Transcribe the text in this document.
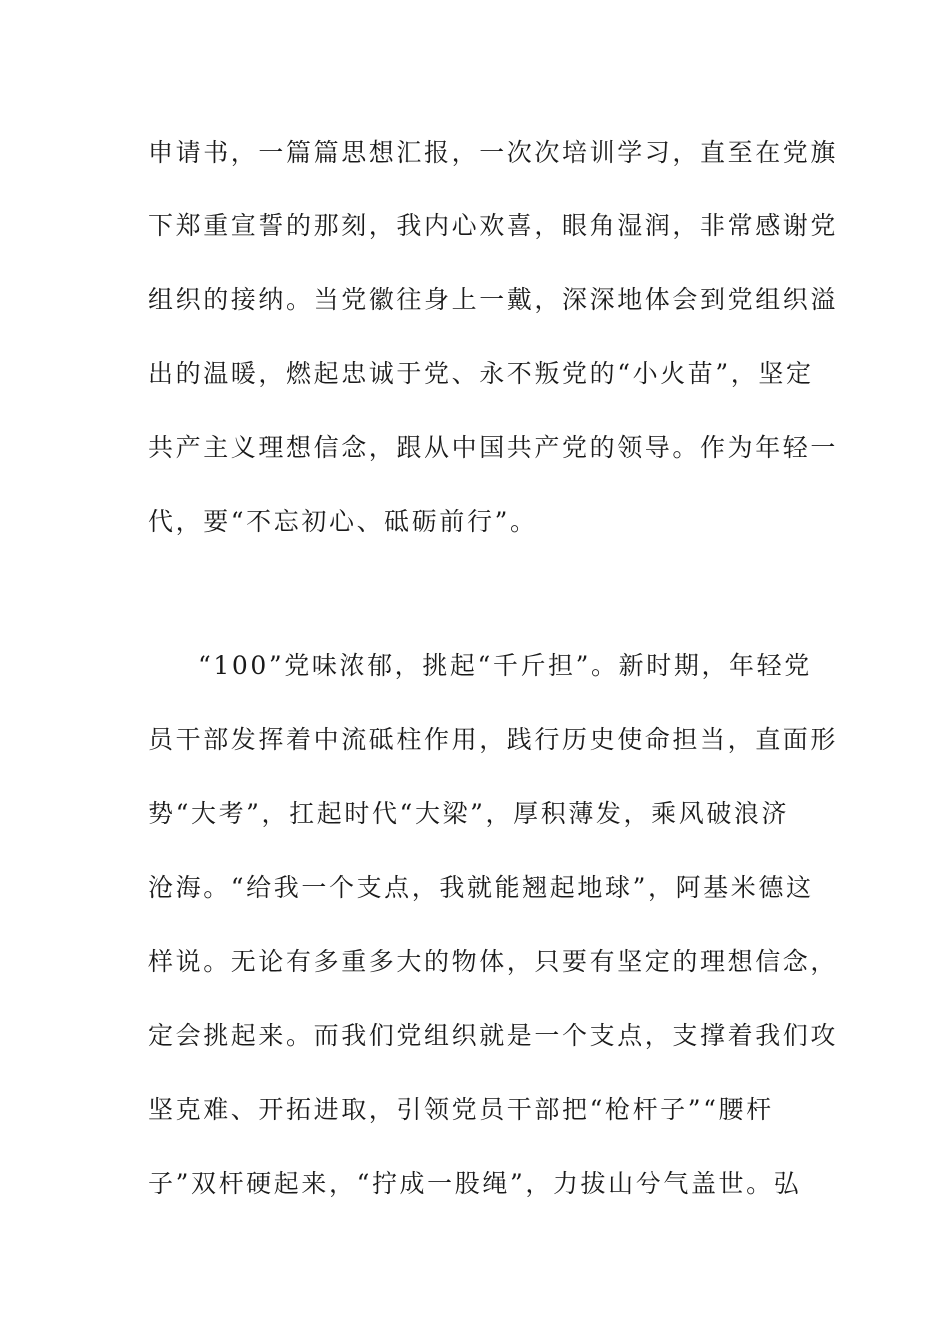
申请书，一篇篇思想汇报，一次次培训学习，直至在党旗
下郑重宣誓的那刻，我内心欢喜，眼角湿润，非常感谢党
组织的接纳。当党徽往身上一戴，深深地体会到党组织溢
出的温暖，燃起忠诚于党、永不叛党的“小火苗”，坚定
共产主义理想信念，跟从中国共产党的领导。作为年轻一
代，要“不忘初心、砥砺前行”。
“100”党味浓郁，挑起“千斤担”。新时期，年轻党
员干部发挥着中流砥柱作用，践行历史使命担当，直面形
势“大考”，扛起时代“大梁”，厚积薄发，乘风破浪济
沧海。“给我一个支点，我就能翘起地球”，阿基米德这
样说。无论有多重多大的物体，只要有坚定的理想信念，
定会挑起来。而我们党组织就是一个支点，支撑着我们攻
坚克难、开拓进取，引领党员干部把“枪杆子”“腰杆
子”双杆硬起来，“拧成一股绳”，力拔山兮气盖世。弘
